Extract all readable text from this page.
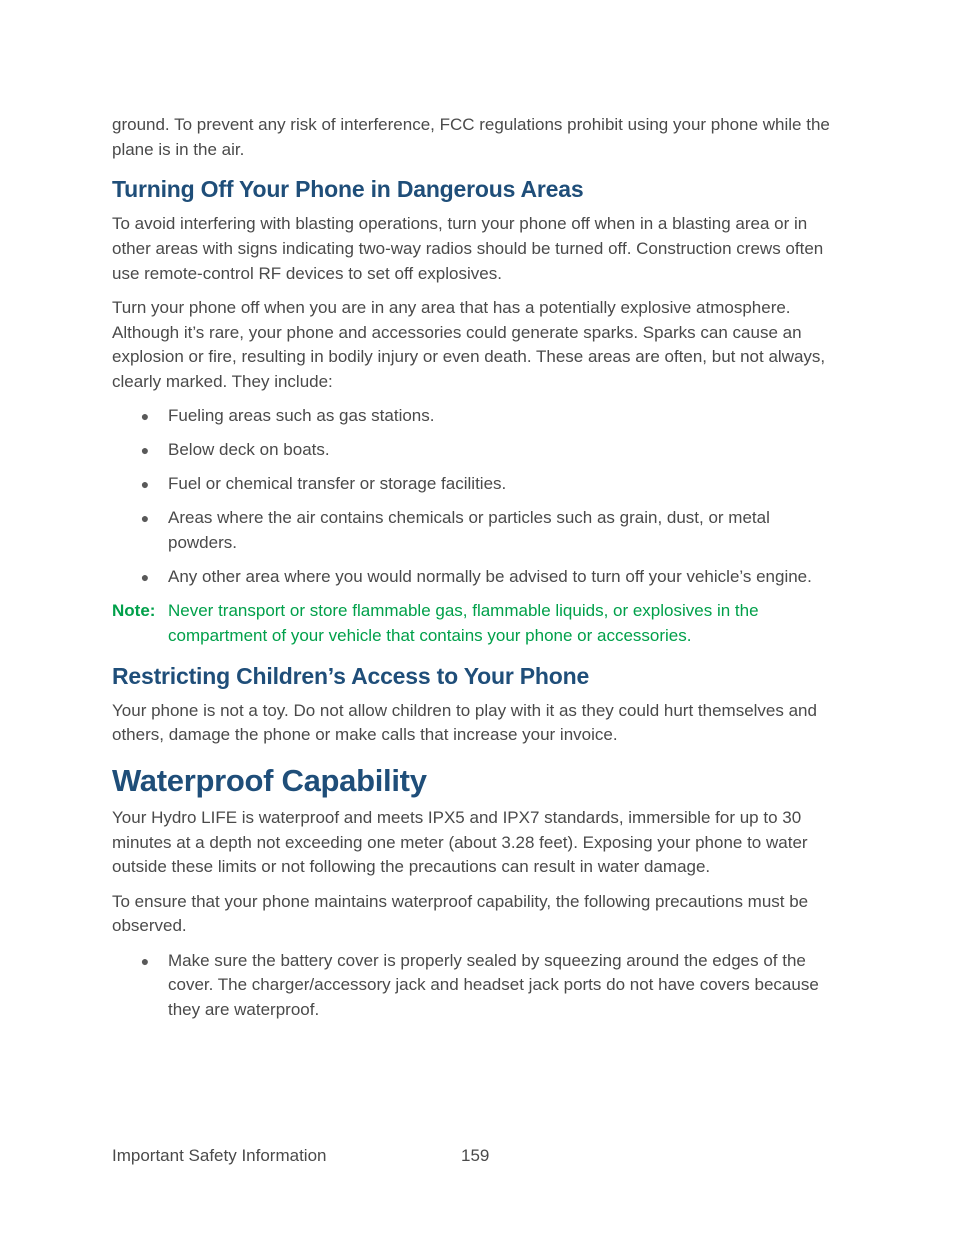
ground. To prevent any risk of interference, FCC regulations prohibit using your phone while the plane is in the air.

Turning Off Your Phone in Dangerous Areas

To avoid interfering with blasting operations, turn your phone off when in a blasting area or in other areas with signs indicating two-way radios should be turned off. Construction crews often use remote-control RF devices to set off explosives.

Turn your phone off when you are in any area that has a potentially explosive atmosphere. Although it’s rare, your phone and accessories could generate sparks. Sparks can cause an explosion or fire, resulting in bodily injury or even death. These areas are often, but not always, clearly marked. They include:

● Fueling areas such as gas stations.
● Below deck on boats.
● Fuel or chemical transfer or storage facilities.
● Areas where the air contains chemicals or particles such as grain, dust, or metal powders.
● Any other area where you would normally be advised to turn off your vehicle’s engine.
Note: Never transport or store flammable gas, flammable liquids, or explosives in the compartment of your vehicle that contains your phone or accessories.
Restricting Children’s Access to Your Phone

Your phone is not a toy. Do not allow children to play with it as they could hurt themselves and others, damage the phone or make calls that increase your invoice.

Waterproof Capability

Your Hydro LIFE is waterproof and meets IPX5 and IPX7 standards, immersible for up to 30 minutes at a depth not exceeding one meter (about 3.28 feet). Exposing your phone to water outside these limits or not following the precautions can result in water damage.

To ensure that your phone maintains waterproof capability, the following precautions must be observed.

● Make sure the battery cover is properly sealed by squeezing around the edges of the cover. The charger/accessory jack and headset jack ports do not have covers because they are waterproof.
Important Safety Information	159
